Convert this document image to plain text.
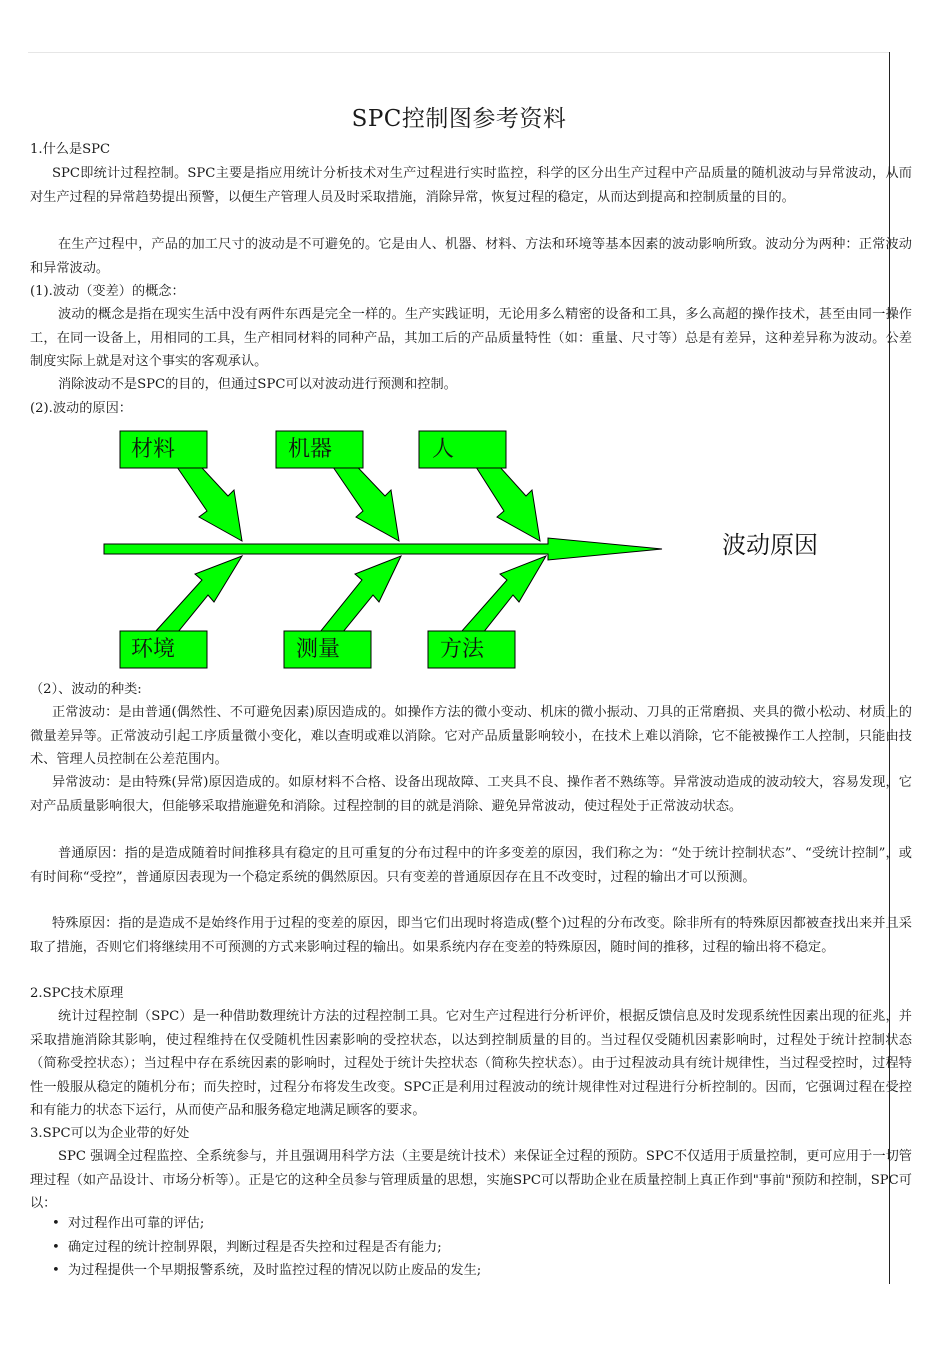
SPC控制图参考资料

1.什么是SPC

SPC即统计过程控制。SPC主要是指应用统计分析技术对生产过程进行实时监控，科学的区分出生产过程中产品质量的随机波动与异常波动，从而对生产过程的异常趋势提出预警，以便生产管理人员及时采取措施，消除异常，恢复过程的稳定，从而达到提高和控制质量的目的。

在生产过程中，产品的加工尺寸的波动是不可避免的。它是由人、机器、材料、方法和环境等基本因素的波动影响所致。波动分为两种：正常波动和异常波动。

(1).波动（变差）的概念：

波动的概念是指在现实生活中没有两件东西是完全一样的。生产实践证明，无论用多么精密的设备和工具，多么高超的操作技术，甚至由同一操作工，在同一设备上，用相同的工具，生产相同材料的同种产品，其加工后的产品质量特性（如：重量、尺寸等）总是有差异，这种差异称为波动。公差制度实际上就是对这个事实的客观承认。

消除波动不是SPC的目的，但通过SPC可以对波动进行预测和控制。

(2).波动的原因：

材料	机器	人
环境	测量	方法
波动原因

（2）、波动的种类:

正常波动：是由普通(偶然性、不可避免因素)原因造成的。如操作方法的微小变动、机床的微小振动、刀具的正常磨损、夹具的微小松动、材质上的微量差异等。正常波动引起工序质量微小变化，难以查明或难以消除。它对产品质量影响较小，在技术上难以消除，它不能被操作工人控制，只能由技术、管理人员控制在公差范围内。

异常波动：是由特殊(异常)原因造成的。如原材料不合格、设备出现故障、工夹具不良、操作者不熟练等。异常波动造成的波动较大，容易发现，它对产品质量影响很大，但能够采取措施避免和消除。过程控制的目的就是消除、避免异常波动，使过程处于正常波动状态。

普通原因：指的是造成随着时间推移具有稳定的且可重复的分布过程中的许多变差的原因，我们称之为：“处于统计控制状态”、“受统计控制”，或有时间称“受控”，普通原因表现为一个稳定系统的偶然原因。只有变差的普通原因存在且不改变时，过程的输出才可以预测。

特殊原因：指的是造成不是始终作用于过程的变差的原因，即当它们出现时将造成(整个)过程的分布改变。除非所有的特殊原因都被查找出来并且采取了措施，否则它们将继续用不可预测的方式来影响过程的输出。如果系统内存在变差的特殊原因，随时间的推移，过程的输出将不稳定。

2.SPC技术原理

统计过程控制（SPC）是一种借助数理统计方法的过程控制工具。它对生产过程进行分析评价，根据反馈信息及时发现系统性因素出现的征兆，并采取措施消除其影响，使过程维持在仅受随机性因素影响的受控状态，以达到控制质量的目的。当过程仅受随机因素影响时，过程处于统计控制状态（简称受控状态）；当过程中存在系统因素的影响时，过程处于统计失控状态（简称失控状态）。由于过程波动具有统计规律性，当过程受控时，过程特性一般服从稳定的随机分布；而失控时，过程分布将发生改变。SPC正是利用过程波动的统计规律性对过程进行分析控制的。因而，它强调过程在受控和有能力的状态下运行，从而使产品和服务稳定地满足顾客的要求。

3.SPC可以为企业带的好处

SPC 强调全过程监控、全系统参与，并且强调用科学方法（主要是统计技术）来保证全过程的预防。SPC不仅适用于质量控制，更可应用于一切管理过程（如产品设计、市场分析等）。正是它的这种全员参与管理质量的思想，实施SPC可以帮助企业在质量控制上真正作到"事前"预防和控制，SPC可以：

• 对过程作出可靠的评估;
• 确定过程的统计控制界限，判断过程是否失控和过程是否有能力;
• 为过程提供一个早期报警系统，及时监控过程的情况以防止废品的发生;
